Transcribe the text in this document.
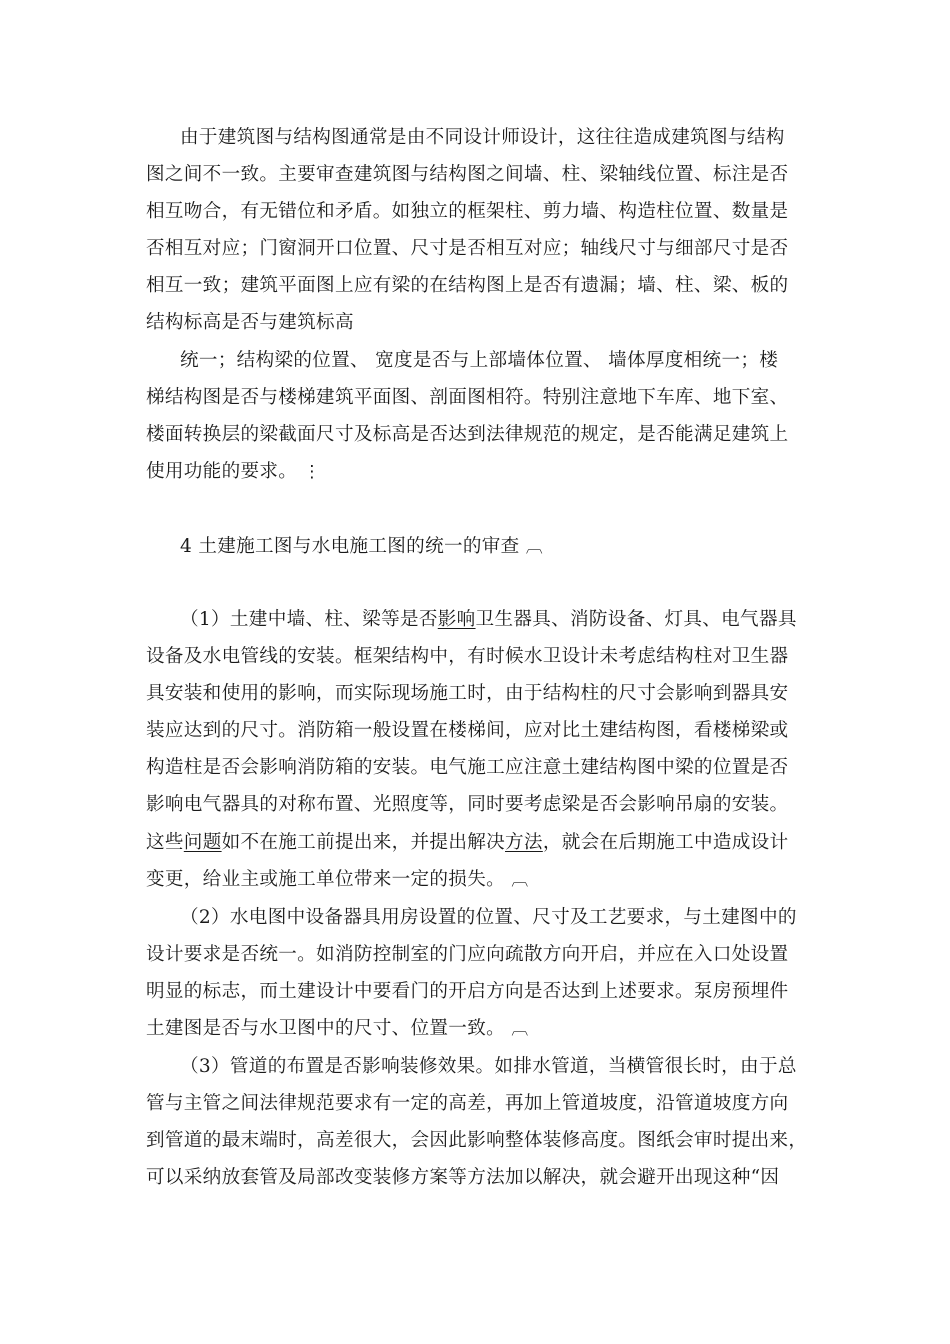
由于建筑图与结构图通常是由不同设计师设计，这往往造成建筑图与结构
图之间不一致。主要审查建筑图与结构图之间墙、柱、梁轴线位置、标注是否
相互吻合，有无错位和矛盾。如独立的框架柱、剪力墙、构造柱位置、数量是
否相互对应；门窗洞开口位置、尺寸是否相互对应；轴线尺寸与细部尺寸是否
相互一致；建筑平面图上应有梁的在结构图上是否有遗漏；墙、柱、梁、板的
结构标高是否与建筑标高
统一；结构梁的位置、 宽度是否与上部墙体位置、 墙体厚度相统一；楼
梯结构图是否与楼梯建筑平面图、剖面图相符。特别注意地下车库、地下室、
楼面转换层的梁截面尺寸及标高是否达到法律规范的规定，是否能满足建筑上
使用功能的要求。 ⋮
4 土建施工图与水电施工图的统一的审查 ︹
（1）土建中墙、柱、梁等是否影响卫生器具、消防设备、灯具、电气器具
设备及水电管线的安装。框架结构中，有时候水卫设计未考虑结构柱对卫生器
具安装和使用的影响，而实际现场施工时，由于结构柱的尺寸会影响到器具安
装应达到的尺寸。消防箱一般设置在楼梯间，应对比土建结构图，看楼梯梁或
构造柱是否会影响消防箱的安装。电气施工应注意土建结构图中梁的位置是否
影响电气器具的对称布置、光照度等，同时要考虑梁是否会影响吊扇的安装。
这些问题如不在施工前提出来，并提出解决方法，就会在后期施工中造成设计
变更，给业主或施工单位带来一定的损失。 ︹
（2）水电图中设备器具用房设置的位置、尺寸及工艺要求，与土建图中的
设计要求是否统一。如消防控制室的门应向疏散方向开启，并应在入口处设置
明显的标志，而土建设计中要看门的开启方向是否达到上述要求。泵房预埋件
土建图是否与水卫图中的尺寸、位置一致。 ︹
（3）管道的布置是否影响装修效果。如排水管道，当横管很长时，由于总
管与主管之间法律规范要求有一定的高差，再加上管道坡度，沿管道坡度方向
到管道的最末端时，高差很大，会因此影响整体装修高度。图纸会审时提出来，
可以采纳放套管及局部改变装修方案等方法加以解决，就会避开出现这种“因
